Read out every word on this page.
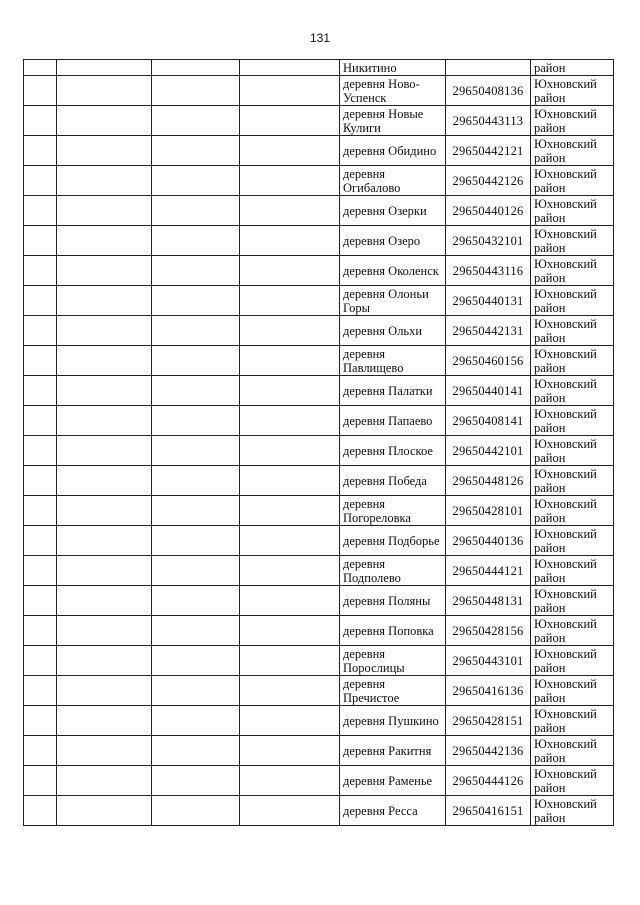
131
				Никитино		район
				деревня Ново-Успенск	29650408136	Юхновский район
				деревня Новые Кулиги	29650443113	Юхновский район
				деревня Обидино	29650442121	Юхновский район
				деревня Огибалово	29650442126	Юхновский район
				деревня Озерки	29650440126	Юхновский район
				деревня Озеро	29650432101	Юхновский район
				деревня Околенск	29650443116	Юхновский район
				деревня Олоньи Горы	29650440131	Юхновский район
				деревня Ольхи	29650442131	Юхновский район
				деревня Павлищево	29650460156	Юхновский район
				деревня Палатки	29650440141	Юхновский район
				деревня Папаево	29650408141	Юхновский район
				деревня Плоское	29650442101	Юхновский район
				деревня Победа	29650448126	Юхновский район
				деревня Погореловка	29650428101	Юхновский район
				деревня Подборье	29650440136	Юхновский район
				деревня Подполево	29650444121	Юхновский район
				деревня Поляны	29650448131	Юхновский район
				деревня Поповка	29650428156	Юхновский район
				деревня Порослицы	29650443101	Юхновский район
				деревня Пречистое	29650416136	Юхновский район
				деревня Пушкино	29650428151	Юхновский район
				деревня Ракитня	29650442136	Юхновский район
				деревня Раменье	29650444126	Юхновский район
				деревня Ресса	29650416151	Юхновский район
